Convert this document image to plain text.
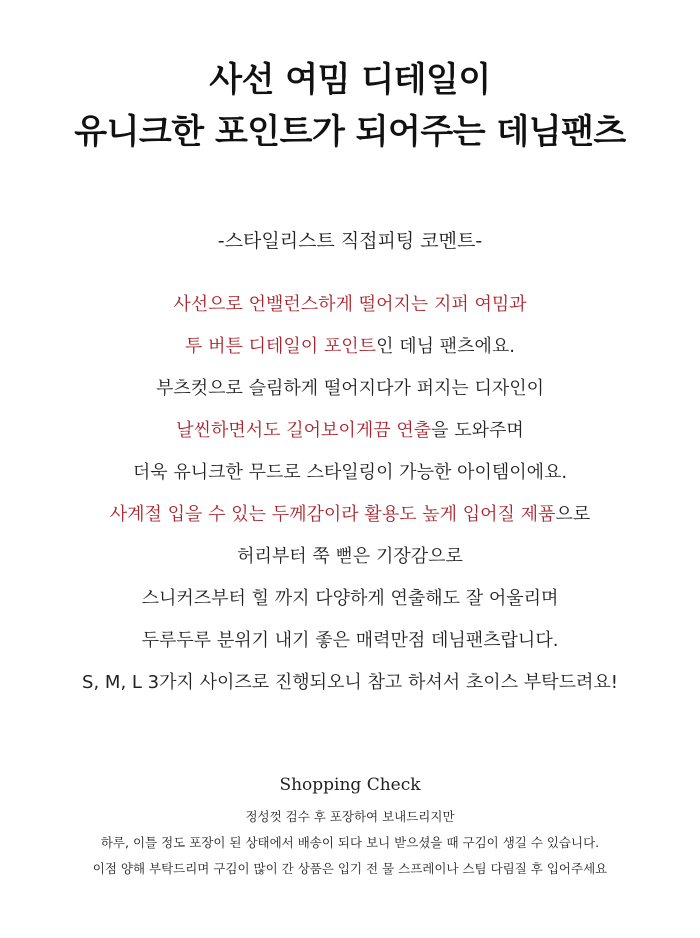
사선 여밈 디테일이
유니크한 포인트가 되어주는 데님팬츠
-스타일리스트 직접피팅 코멘트-
사선으로 언밸런스하게 떨어지는 지퍼 여밈과
투 버튼 디테일이 포인트인 데님 팬츠에요.
부츠컷으로 슬림하게 떨어지다가 퍼지는 디자인이
날씬하면서도 길어보이게끔 연출을 도와주며
더욱 유니크한 무드로 스타일링이 가능한 아이템이에요.
사계절 입을 수 있는 두께감이라 활용도 높게 입어질 제품으로
허리부터 쭉 뻗은 기장감으로
스니커즈부터 힐 까지 다양하게 연출해도 잘 어울리며
두루두루 분위기 내기 좋은 매력만점 데님팬츠랍니다.
S, M, L 3가지 사이즈로 진행되오니 참고 하셔서 초이스 부탁드려요!
Shopping Check
정성껏 검수 후 포장하여 보내드리지만
하루, 이틀 정도 포장이 된 상태에서 배송이 되다 보니 받으셨을 때 구김이 생길 수 있습니다.
이점 양해 부탁드리며 구김이 많이 간 상품은 입기 전 물 스프레이나 스팀 다림질 후 입어주세요
